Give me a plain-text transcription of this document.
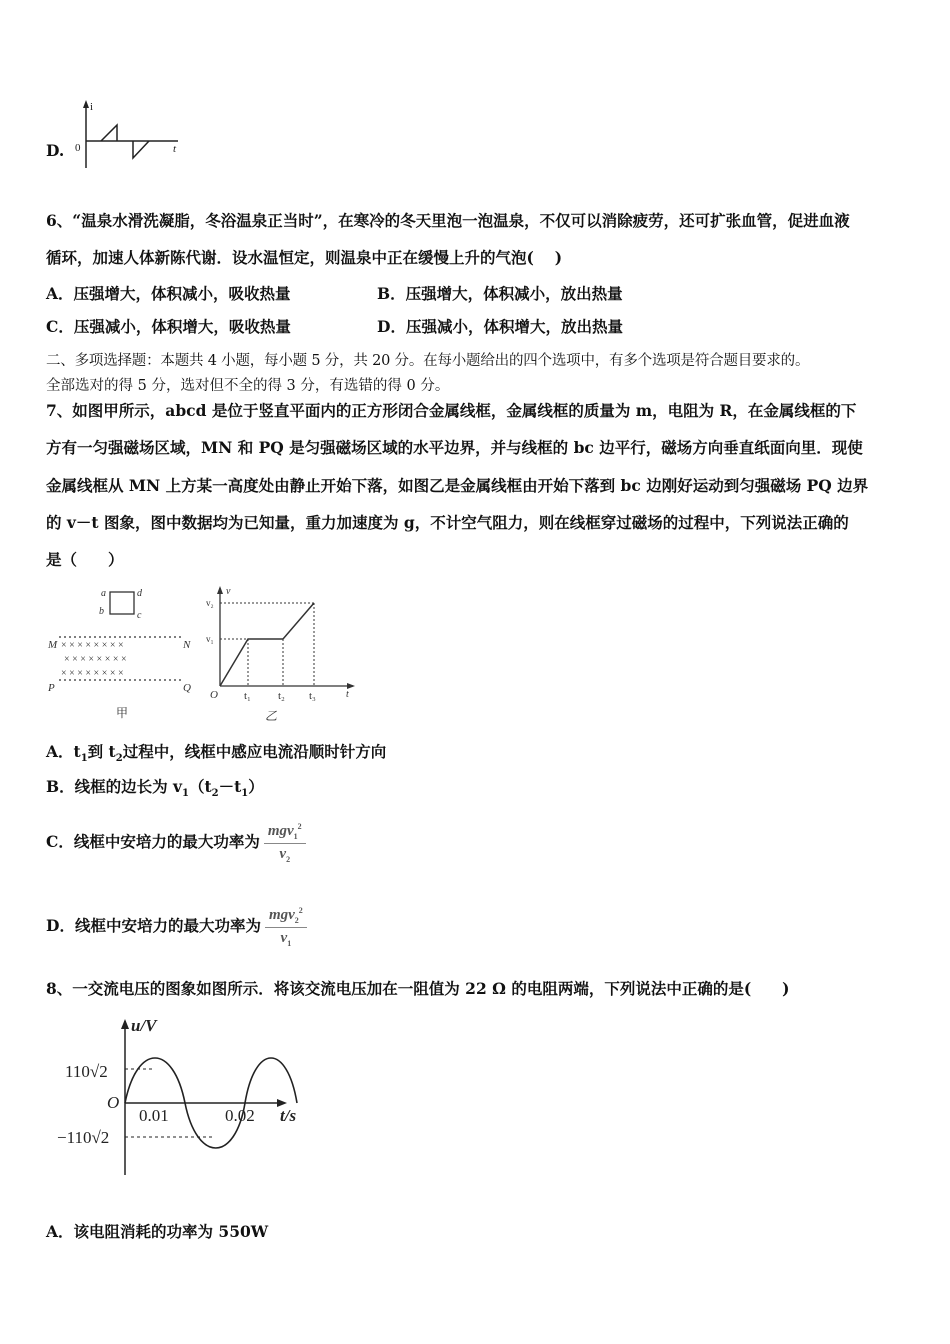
D.
i
t
0
6、“温泉水滑洗凝脂，冬浴温泉正当时”，在寒冷的冬天里泡一泡温泉，不仅可以消除疲劳，还可扩张血管，促进血液
循环，加速人体新陈代谢．设水温恒定，则温泉中正在缓慢上升的气泡(　 )
A．压强增大，体积减小，吸收热量	B．压强增大，体积减小，放出热量
C．压强减小，体积增大，吸收热量	D．压强减小，体积增大，放出热量
二、多项选择题：本题共 4 小题，每小题 5 分，共 20 分。在每小题给出的四个选项中，有多个选项是符合题目要求的。
全部选对的得 5 分，选对但不全的得 3 分，有选错的得 0 分。
7、如图甲所示，abcd 是位于竖直平面内的正方形闭合金属线框，金属线框的质量为 m，电阻为 R，在金属线框的下
方有一匀强磁场区域，MN 和 PQ 是匀强磁场区域的水平边界，并与线框的 bc 边平行，磁场方向垂直纸面向里．现使
金属线框从 MN 上方某一高度处由静止开始下落，如图乙是金属线框由开始下落到 bc 边刚好运动到匀强磁场 PQ 边界
的 v－t 图象，图中数据均为已知量，重力加速度为 g，不计空气阻力，则在线框穿过磁场的过程中，下列说法正确的
是（　　）
a
b	c
d
M	N
P	Q
× × × × × × × ×
× × × × × × × ×
× × × × × × × ×
甲
v
v₂
v₁
O t₁ t₂ t₃	t
乙
A．$t_1$到 $t_2$过程中，线框中感应电流沿顺时针方向
B．线框的边长为 $v_1(t_2-t_1)$
C．线框中安培力的最大功率为 $\frac{mgv_1^2}{v_2}$
D．线框中安培力的最大功率为 $\frac{mgv_2^2}{v_1}$
8、一交流电压的图象如图所示．将该交流电压加在一阻值为 22 Ω 的电阻两端，下列说法中正确的是(　　)
u/V
110√2
−110√2
O
0.01	0.02 t/s
A．该电阻消耗的功率为 550W
